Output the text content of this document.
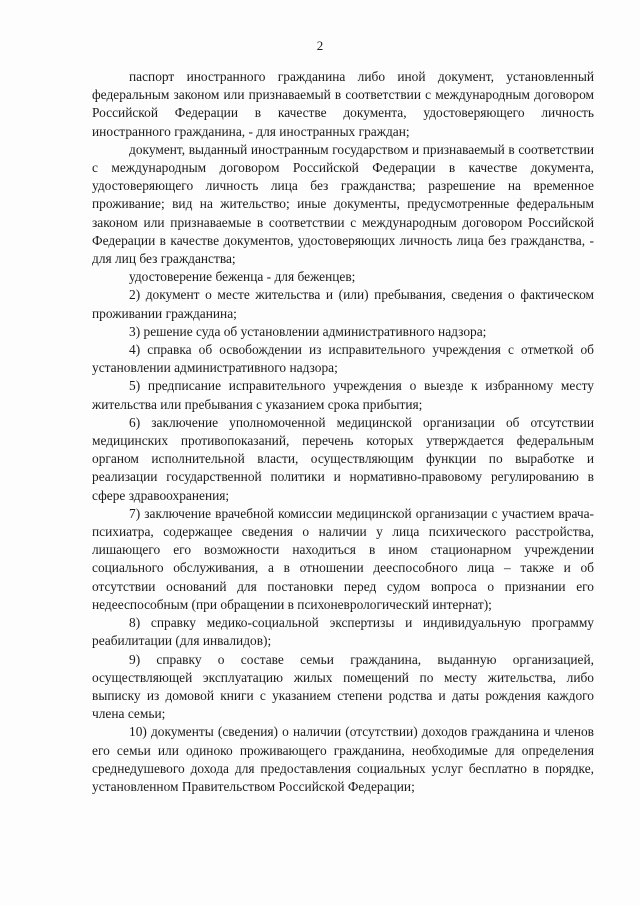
2

паспорт иностранного гражданина либо иной документ, установленный федеральным законом или признаваемый в соответствии с международным договором Российской Федерации в качестве документа, удостоверяющего личность иностранного гражданина, - для иностранных граждан;

документ, выданный иностранным государством и признаваемый в соответствии с международным договором Российской Федерации в качестве документа, удостоверяющего личность лица без гражданства; разрешение на временное проживание; вид на жительство; иные документы, предусмотренные федеральным законом или признаваемые в соответствии с международным договором Российской Федерации в качестве документов, удостоверяющих личность лица без гражданства, - для лиц без гражданства;

удостоверение беженца - для беженцев;

2) документ о месте жительства и (или) пребывания, сведения о фактическом проживании гражданина;

3) решение суда об установлении административного надзора;

4) справка об освобождении из исправительного учреждения с отметкой об установлении административного надзора;

5) предписание исправительного учреждения о выезде к избранному месту жительства или пребывания с указанием срока прибытия;

6) заключение уполномоченной медицинской организации об отсутствии медицинских противопоказаний, перечень которых утверждается федеральным органом исполнительной власти, осуществляющим функции по выработке и реализации государственной политики и нормативно-правовому регулированию в сфере здравоохранения;

7) заключение врачебной комиссии медицинской организации с участием врача-психиатра, содержащее сведения о наличии у лица психического расстройства, лишающего его возможности находиться в ином стационарном учреждении социального обслуживания, а в отношении дееспособного лица – также и об отсутствии оснований для постановки перед судом вопроса о признании его недееспособным (при обращении в психоневрологический интернат);

8) справку медико-социальной экспертизы и индивидуальную программу реабилитации (для инвалидов);

9) справку о составе семьи гражданина, выданную организацией, осуществляющей эксплуатацию жилых помещений по месту жительства, либо выписку из домовой книги с указанием степени родства и даты рождения каждого члена семьи;

10) документы (сведения) о наличии (отсутствии) доходов гражданина и членов его семьи или одиноко проживающего гражданина, необходимые для определения среднедушевого дохода для предоставления социальных услуг бесплатно в порядке, установленном Правительством Российской Федерации;
